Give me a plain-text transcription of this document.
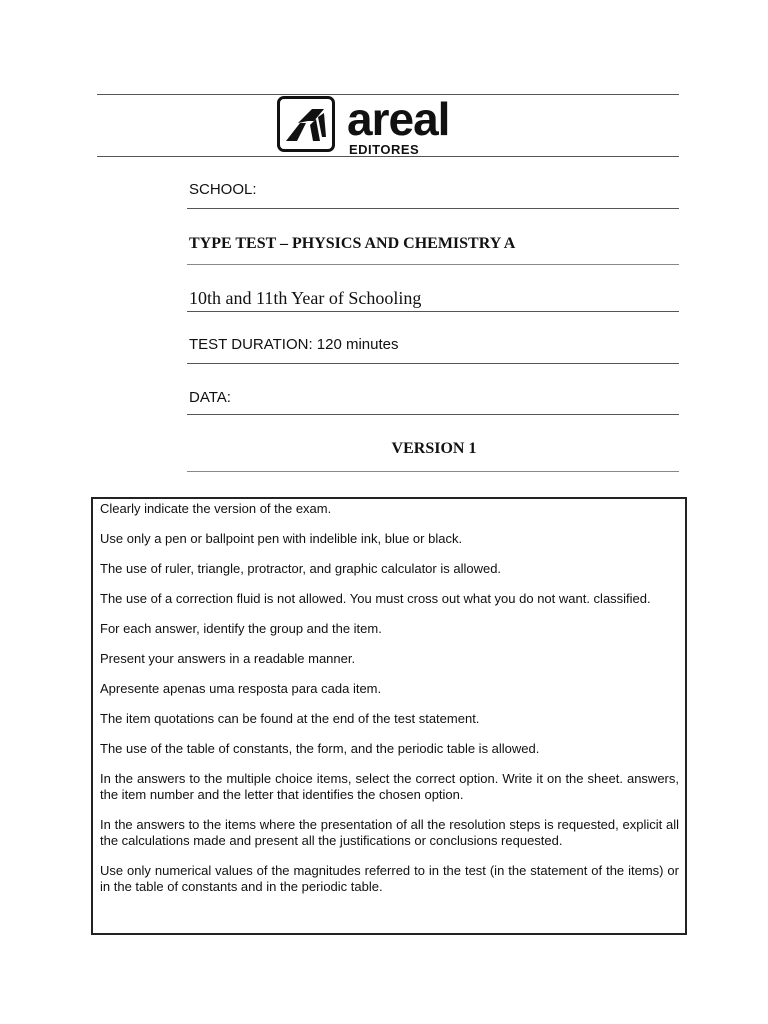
areal
EDITORES
SCHOOL:
TYPE TEST – PHYSICS AND CHEMISTRY A
10th and 11th Year of Schooling
TEST DURATION: 120 minutes
DATA:
VERSION 1

Clearly indicate the version of the exam.

Use only a pen or ballpoint pen with indelible ink, blue or black.

The use of ruler, triangle, protractor, and graphic calculator is allowed.

The use of a correction fluid is not allowed. You must cross out what you do not want. classified.

For each answer, identify the group and the item.

Present your answers in a readable manner.

Apresente apenas uma resposta para cada item.

The item quotations can be found at the end of the test statement.

The use of the table of constants, the form, and the periodic table is allowed.

In the answers to the multiple choice items, select the correct option. Write it on the sheet. answers, the item number and the letter that identifies the chosen option.

In the answers to the items where the presentation of all the resolution steps is requested, explicit all the calculations made and present all the justifications or conclusions requested.

Use only numerical values of the magnitudes referred to in the test (in the statement of the items) or in the table of constants and in the periodic table.
